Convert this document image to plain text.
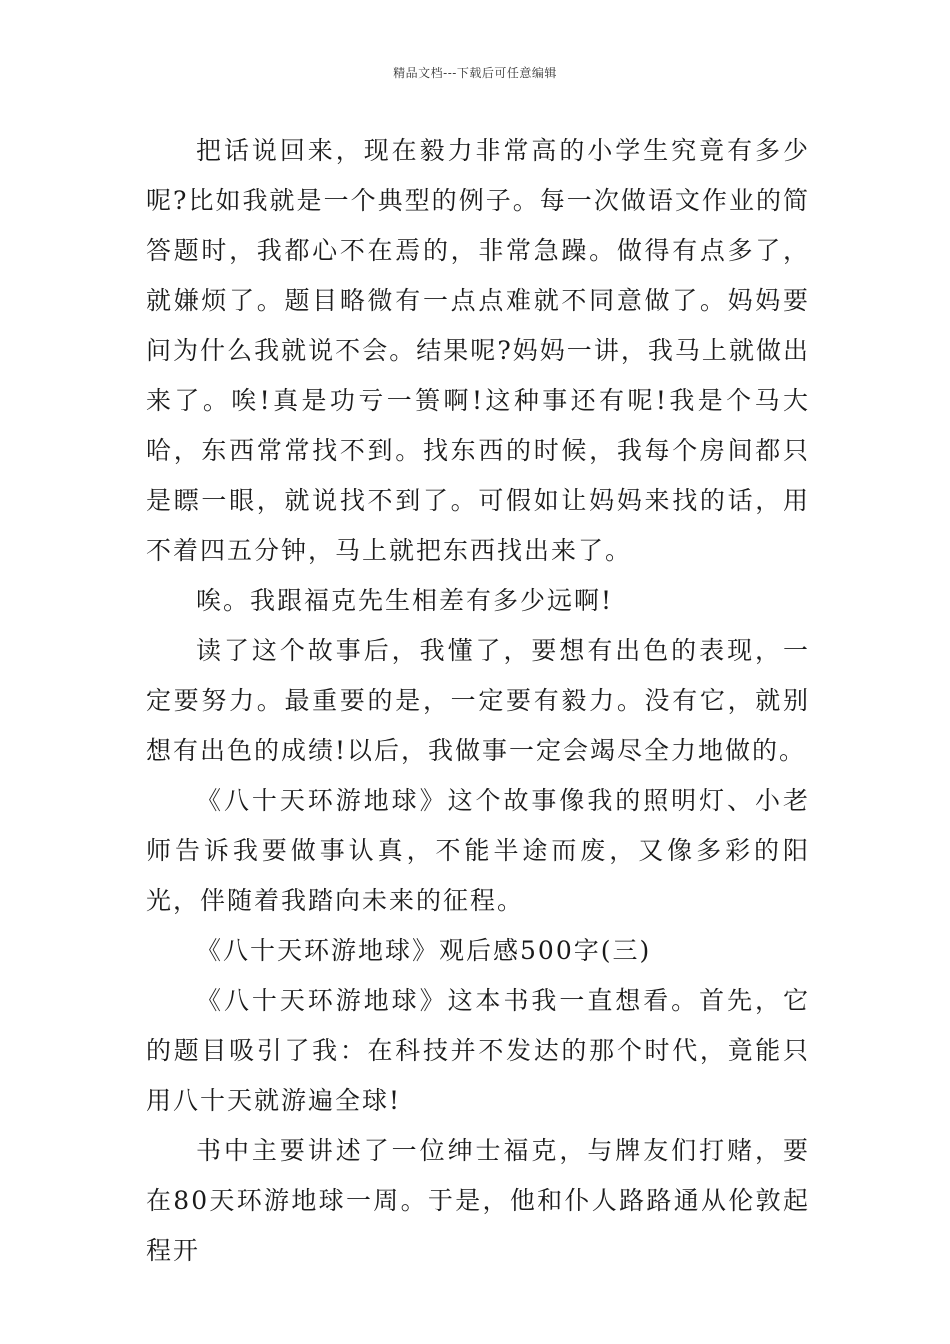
精品文档---下载后可任意编辑

把话说回来，现在毅力非常高的小学生究竟有多少呢?比如我就是一个典型的例子。每一次做语文作业的简答题时，我都心不在焉的，非常急躁。做得有点多了，就嫌烦了。题目略微有一点点难就不同意做了。妈妈要问为什么我就说不会。结果呢?妈妈一讲，我马上就做出来了。唉!真是功亏一篑啊!这种事还有呢!我是个马大哈，东西常常找不到。找东西的时候，我每个房间都只是瞟一眼，就说找不到了。可假如让妈妈来找的话，用不着四五分钟，马上就把东西找出来了。

唉。我跟福克先生相差有多少远啊!

读了这个故事后，我懂了，要想有出色的表现，一定要努力。最重要的是，一定要有毅力。没有它，就别想有出色的成绩!以后，我做事一定会竭尽全力地做的。

《八十天环游地球》这个故事像我的照明灯、小老师告诉我要做事认真，不能半途而废，又像多彩的阳光，伴随着我踏向未来的征程。

《八十天环游地球》观后感500字(三)

《八十天环游地球》这本书我一直想看。首先，它的题目吸引了我：在科技并不发达的那个时代，竟能只用八十天就游遍全球!

书中主要讲述了一位绅士福克，与牌友们打赌，要在80天环游地球一周。于是，他和仆人路路通从伦敦起程开
